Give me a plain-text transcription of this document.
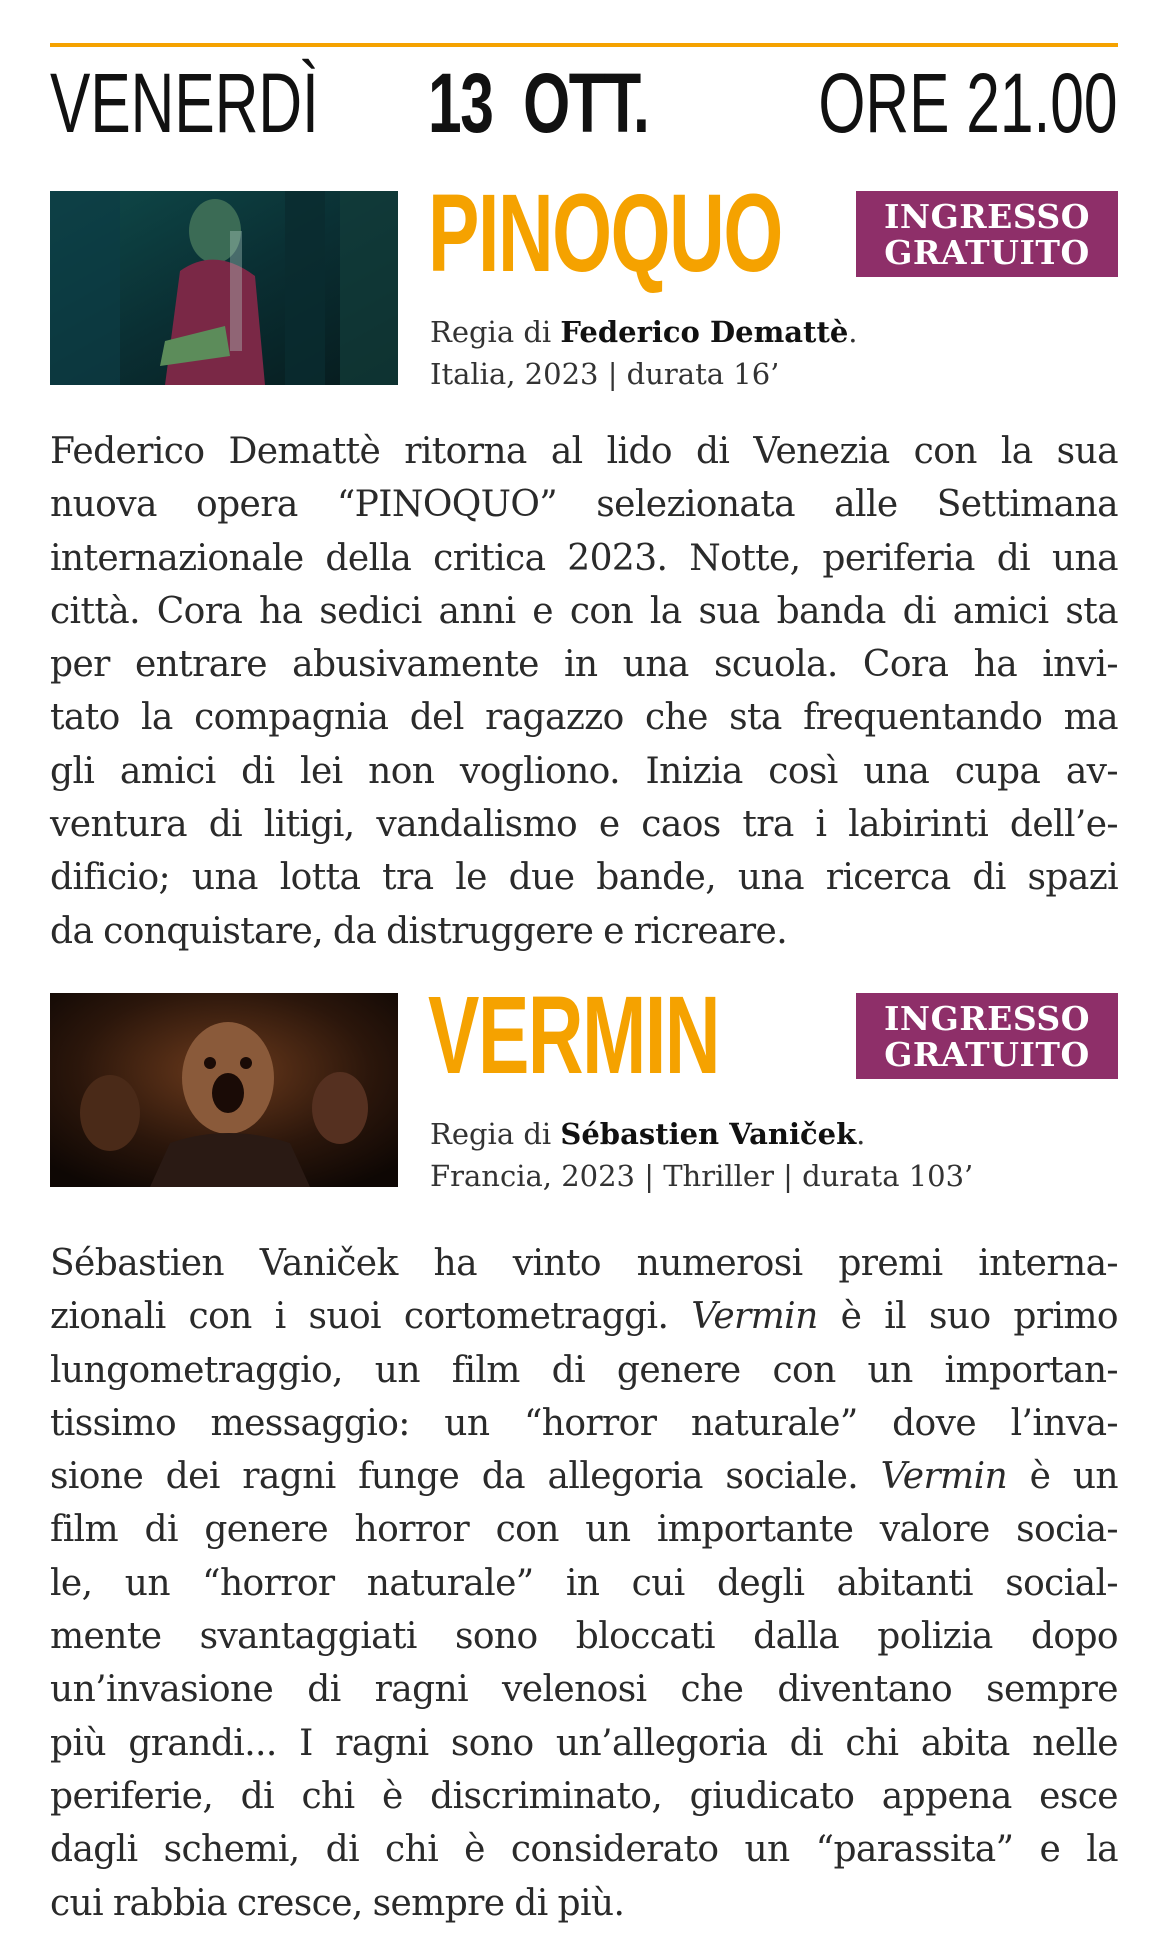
VENERDÌ 13  OTT. ORE 21.00
PINOQUO	INGRESSO
GRATUITO
Regia di Federico Demattè.
Italia, 2023 | durata 16’
Federico Demattè ritorna al lido di Venezia con la sua
nuova opera “PINOQUO” selezionata alle Settimana
internazionale della critica 2023. Notte, periferia di una
città. Cora ha sedici anni e con la sua banda di amici sta
per entrare abusivamente in una scuola. Cora ha invi-
tato la compagnia del ragazzo che sta frequentando ma
gli amici di lei non vogliono. Inizia così una cupa av-
ventura di litigi, vandalismo e caos tra i labirinti dell’e-
dificio; una lotta tra le due bande, una ricerca di spazi
da conquistare, da distruggere e ricreare.
VERMIN	INGRESSO
GRATUITO
Regia di Sébastien Vaniček.
Francia, 2023 | Thriller | durata 103’
Sébastien Vaniček ha vinto numerosi premi interna-
zionali con i suoi cortometraggi. Vermin è il suo primo
lungometraggio, un film di genere con un importan-
tissimo messaggio: un “horror naturale” dove l’inva-
sione dei ragni funge da allegoria sociale. Vermin è un
film di genere horror con un importante valore socia-
le, un “horror naturale” in cui degli abitanti social-
mente svantaggiati sono bloccati dalla polizia dopo
un’invasione di ragni velenosi che diventano sempre
più grandi... I ragni sono un’allegoria di chi abita nelle
periferie, di chi è discriminato, giudicato appena esce
dagli schemi, di chi è considerato un “parassita” e la
cui rabbia cresce, sempre di più.
